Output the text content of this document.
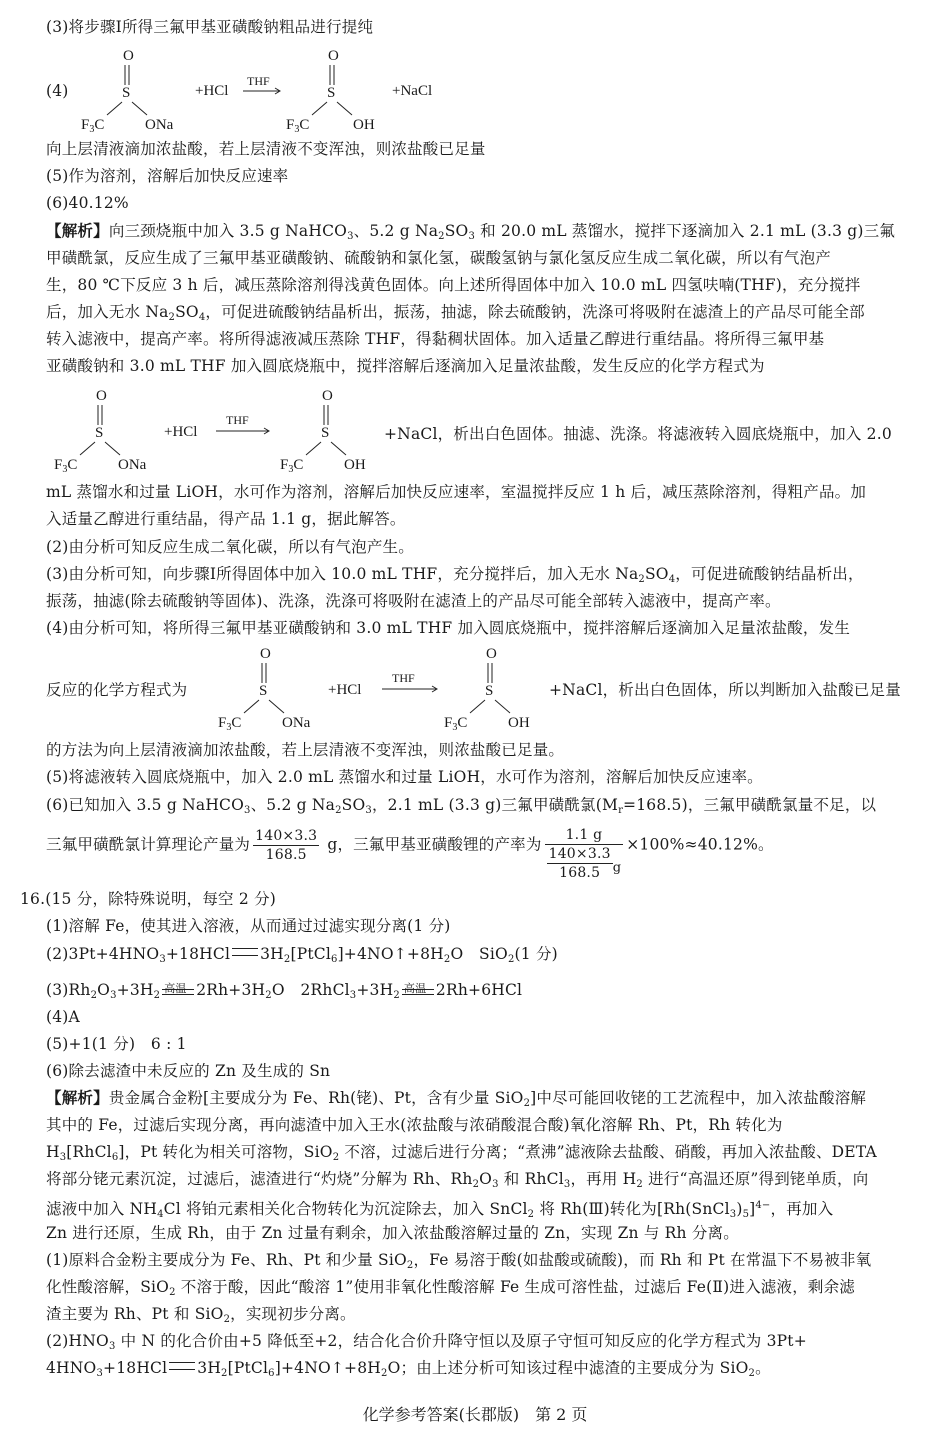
(3)将步骤Ⅰ所得三氟甲基亚磺酸钠粗品进行提纯
(4)
O
S
$F_3C$	ONa
+HCl
THF
O
S
$F_3C$	OH
+NaCl
向上层清液滴加浓盐酸，若上层清液不变浑浊，则浓盐酸已足量
(5)作为溶剂，溶解后加快反应速率
(6)40.12%
【解析】向三颈烧瓶中加入 3.5 g NaHCO$_3$、5.2 g $Na_2SO_3$ 和 20.0 mL 蒸馏水，搅拌下逐滴加入 2.1 mL (3.3 g)三氟
甲磺酰氯，反应生成了三氟甲基亚磺酸钠、硫酸钠和氯化氢，碳酸氢钠与氯化氢反应生成二氧化碳，所以有气泡产
生，80 ℃下反应 3 h 后，减压蒸除溶剂得浅黄色固体。向上述所得固体中加入 10.0 mL 四氢呋喃(THF)，充分搅拌
后，加入无水 $Na_2SO_4$，可促进硫酸钠结晶析出，振荡，抽滤，除去硫酸钠，洗涤可将吸附在滤渣上的产品尽可能全部
转入滤液中，提高产率。将所得滤液减压蒸除 THF，得黏稠状固体。加入适量乙醇进行重结晶。将所得三氟甲基
亚磺酸钠和 3.0 mL THF 加入圆底烧瓶中，搅拌溶解后逐滴加入足量浓盐酸，发生反应的化学方程式为
O
S
$F_3C$	ONa
+HCl
THF
O
S
$F_3C$	OH
+NaCl，析出白色固体。抽滤、洗涤。将滤液转入圆底烧瓶中，加入 2.0
mL 蒸馏水和过量 LiOH，水可作为溶剂，溶解后加快反应速率，室温搅拌反应 1 h 后，减压蒸除溶剂，得粗产品。加
入适量乙醇进行重结晶，得产品 1.1 g，据此解答。
(2)由分析可知反应生成二氧化碳，所以有气泡产生。
(3)由分析可知，向步骤Ⅰ所得固体中加入 10.0 mL THF，充分搅拌后，加入无水 $Na_2SO_4$，可促进硫酸钠结晶析出，
振荡，抽滤(除去硫酸钠等固体)、洗涤，洗涤可将吸附在滤渣上的产品尽可能全部转入滤液中，提高产率。
(4)由分析可知，将所得三氟甲基亚磺酸钠和 3.0 mL THF 加入圆底烧瓶中，搅拌溶解后逐滴加入足量浓盐酸，发生
反应的化学方程式为
O
S
$F_3C$	ONa
+HCl
THF
O
S
$F_3C$	OH
+NaCl，析出白色固体，所以判断加入盐酸已足量
的方法为向上层清液滴加浓盐酸，若上层清液不变浑浊，则浓盐酸已足量。
(5)将滤液转入圆底烧瓶中，加入 2.0 mL 蒸馏水和过量 LiOH，水可作为溶剂，溶解后加快反应速率。
(6)已知加入 3.5 g NaHCO$_3$、5.2 g $Na_2SO_3$，2.1 mL (3.3 g)三氟甲磺酰氯$(M_r=168.5)$，三氟甲磺酰氯量不足，以
三氟甲磺酰氯计算理论产量为 $\frac{140\times 3.3}{168.5}$ g，三氟甲基亚磺酸锂的产率为 $\frac{1.1 g}{\frac{140\times 3.3}{168.5} g} \times 100\%\approx 40.12\%$。
16.(15 分，除特殊说明，每空 2 分)
(1)溶解 Fe，使其进入溶液，从而通过过滤实现分离(1 分)
$(2)3Pt+4HNO_3+18HCl$ $3H_2[PtCl_6]+4NO↑+8H_2O$　SiO$_2$(1 分)
$(3)Rh_2O_3+3H_2$
高温 $2Rh+3H_2O$　$2RhCl_3+3H_2$
高温 2Rh+6HCl
(4)A
(5)+1(1 分)　6 : 1
(6)除去滤渣中未反应的 Zn 及生成的 Sn
【解析】贵金属合金粉[主要成分为 Fe、Rh(铑)、Pt，含有少量 SiO$_2$]中尽可能回收铑的工艺流程中，加入浓盐酸溶解
其中的 Fe，过滤后实现分离，再向滤渣中加入王水(浓盐酸与浓硝酸混合酸)氧化溶解 Rh、Pt，Rh 转化为
$H_3[RhCl_6]$，Pt 转化为相关可溶物，SiO$_2$ 不溶，过滤后进行分离；“煮沸”滤液除去盐酸、硝酸，再加入浓盐酸、DETA
将部分铑元素沉淀，过滤后，滤渣进行“灼烧”分解为 Rh、$Rh_2O_3$ 和 RhCl$_3$，再用 $H_2$ 进行“高温还原”得到铑单质，向
滤液中加入 $NH_4Cl$ 将铂元素相关化合物转化为沉淀除去，加入 SnCl$_2$ 将 Rh(Ⅲ)转化为$[Rh(SnCl_3)_5]^{4-}$，再加入
Zn 进行还原，生成 Rh，由于 Zn 过量有剩余，加入浓盐酸溶解过量的 Zn，实现 Zn 与 Rh 分离。
(1)原料合金粉主要成分为 Fe、Rh、Pt 和少量 SiO$_2$，Fe 易溶于酸(如盐酸或硫酸)，而 Rh 和 Pt 在常温下不易被非氧
化性酸溶解，SiO$_2$ 不溶于酸，因此“酸溶 1”使用非氧化性酸溶解 Fe 生成可溶性盐，过滤后 Fe(Ⅱ)进入滤液，剩余滤
渣主要为 Rh、Pt 和 SiO$_2$，实现初步分离。
$(2)HNO_3$ 中 N 的化合价由+5 降低至+2，结合化合价升降守恒以及原子守恒可知反应的化学方程式为 3Pt+
$4HNO_3+18HCl$ $3H_2[PtCl_6]+4NO↑+8H_2O$；由上述分析可知该过程中滤渣的主要成分为 SiO$_2$。
化学参考答案(长郡版)　第 2 页
